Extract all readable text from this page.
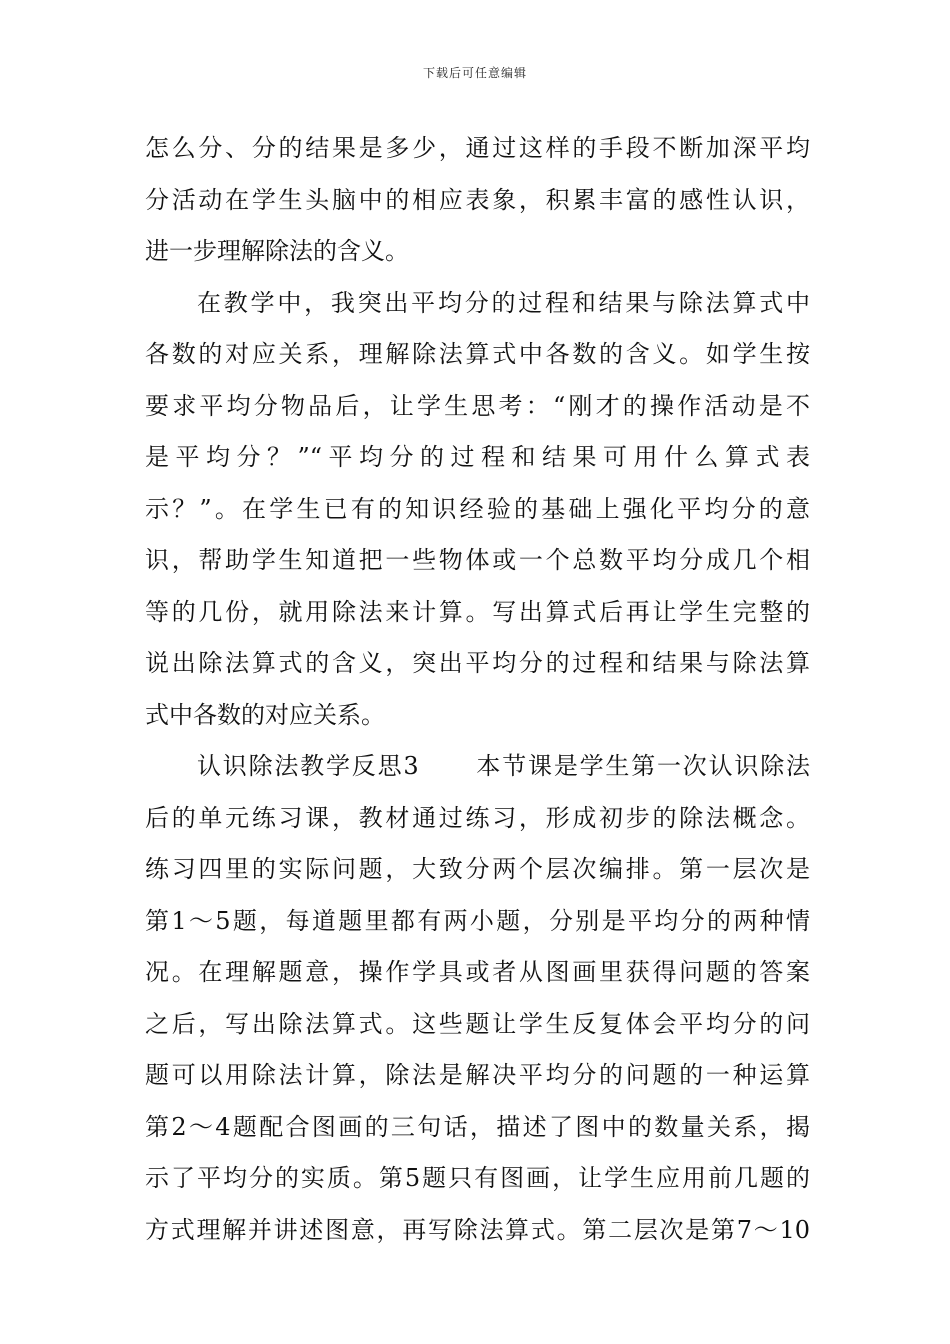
下载后可任意编辑
怎么分、分的结果是多少，通过这样的手段不断加深平均
分活动在学生头脑中的相应表象，积累丰富的感性认识，
进一步理解除法的含义。
在教学中，我突出平均分的过程和结果与除法算式中
各数的对应关系，理解除法算式中各数的含义。如学生按
要求平均分物品后，让学生思考：“刚才的操作活动是不
是平均分？”“平均分的过程和结果可用什么算式表
示？”。在学生已有的知识经验的基础上强化平均分的意
识，帮助学生知道把一些物体或一个总数平均分成几个相
等的几份，就用除法来计算。写出算式后再让学生完整的
说出除法算式的含义，突出平均分的过程和结果与除法算
式中各数的对应关系。
认识除法教学反思3 本节课是学生第一次认识除法
后的单元练习课，教材通过练习，形成初步的除法概念。
练习四里的实际问题，大致分两个层次编排。第一层次是
第1～5题，每道题里都有两小题，分别是平均分的两种情
况。在理解题意，操作学具或者从图画里获得问题的答案
之后，写出除法算式。这些题让学生反复体会平均分的问
题可以用除法计算，除法是解决平均分的问题的一种运算
第2～4题配合图画的三句话，描述了图中的数量关系，揭
示了平均分的实质。第5题只有图画，让学生应用前几题的
方式理解并讲述图意，再写除法算式。第二层次是第7～10
